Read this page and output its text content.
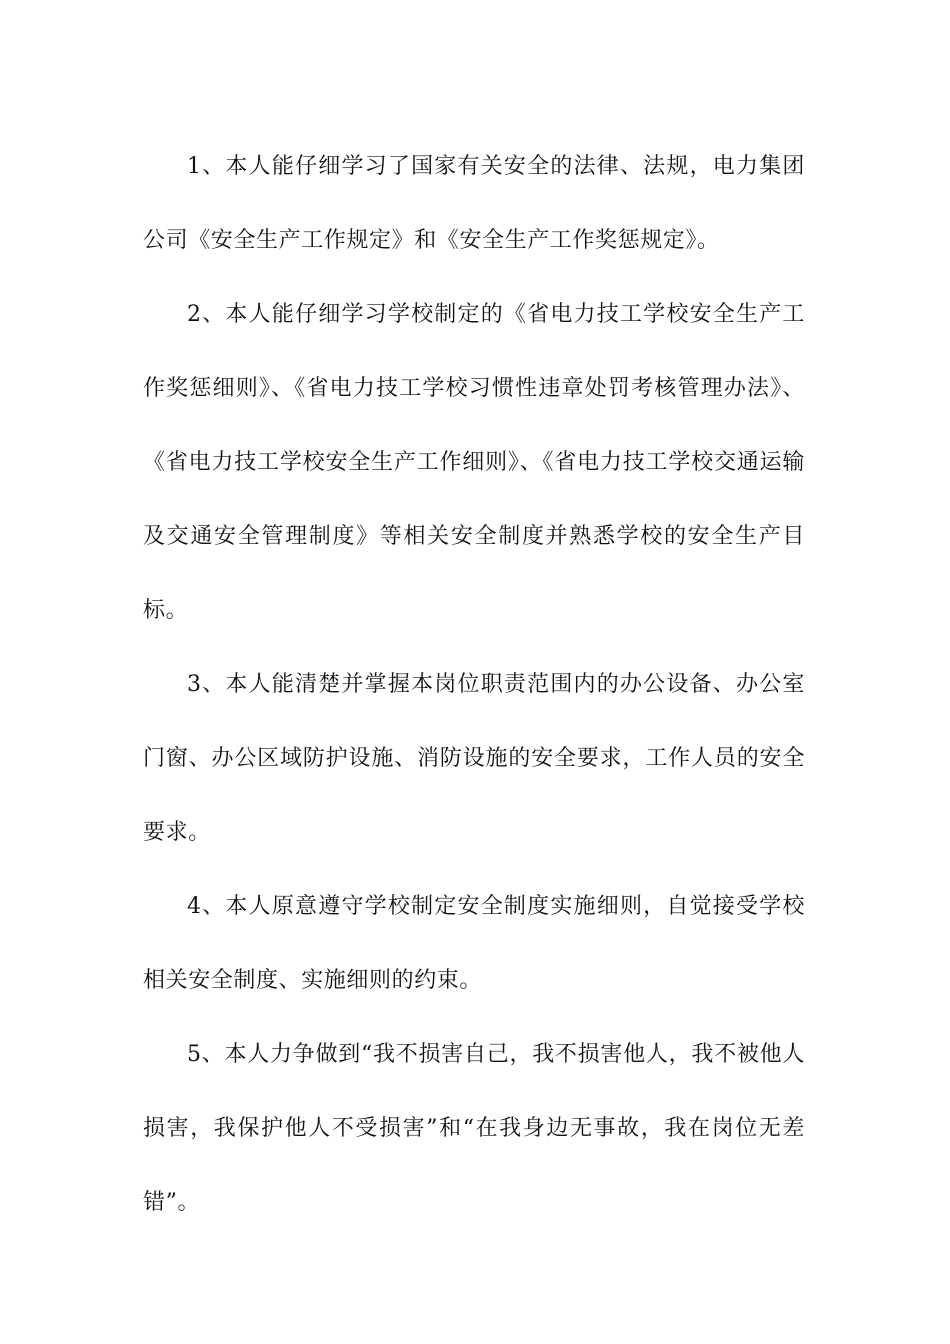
1、本人能仔细学习了国家有关安全的法律、法规，电力集团公司《安全生产工作规定》和《安全生产工作奖惩规定》。

2、本人能仔细学习学校制定的《省电力技工学校安全生产工作奖惩细则》、《省电力技工学校习惯性违章处罚考核管理办法》、《省电力技工学校安全生产工作细则》、《省电力技工学校交通运输及交通安全管理制度》等相关安全制度并熟悉学校的安全生产目标。

3、本人能清楚并掌握本岗位职责范围内的办公设备、办公室门窗、办公区域防护设施、消防设施的安全要求，工作人员的安全要求。

4、本人原意遵守学校制定安全制度实施细则，自觉接受学校相关安全制度、实施细则的约束。

5、本人力争做到“我不损害自己，我不损害他人，我不被他人损害，我保护他人不受损害”和“在我身边无事故，我在岗位无差错”。
